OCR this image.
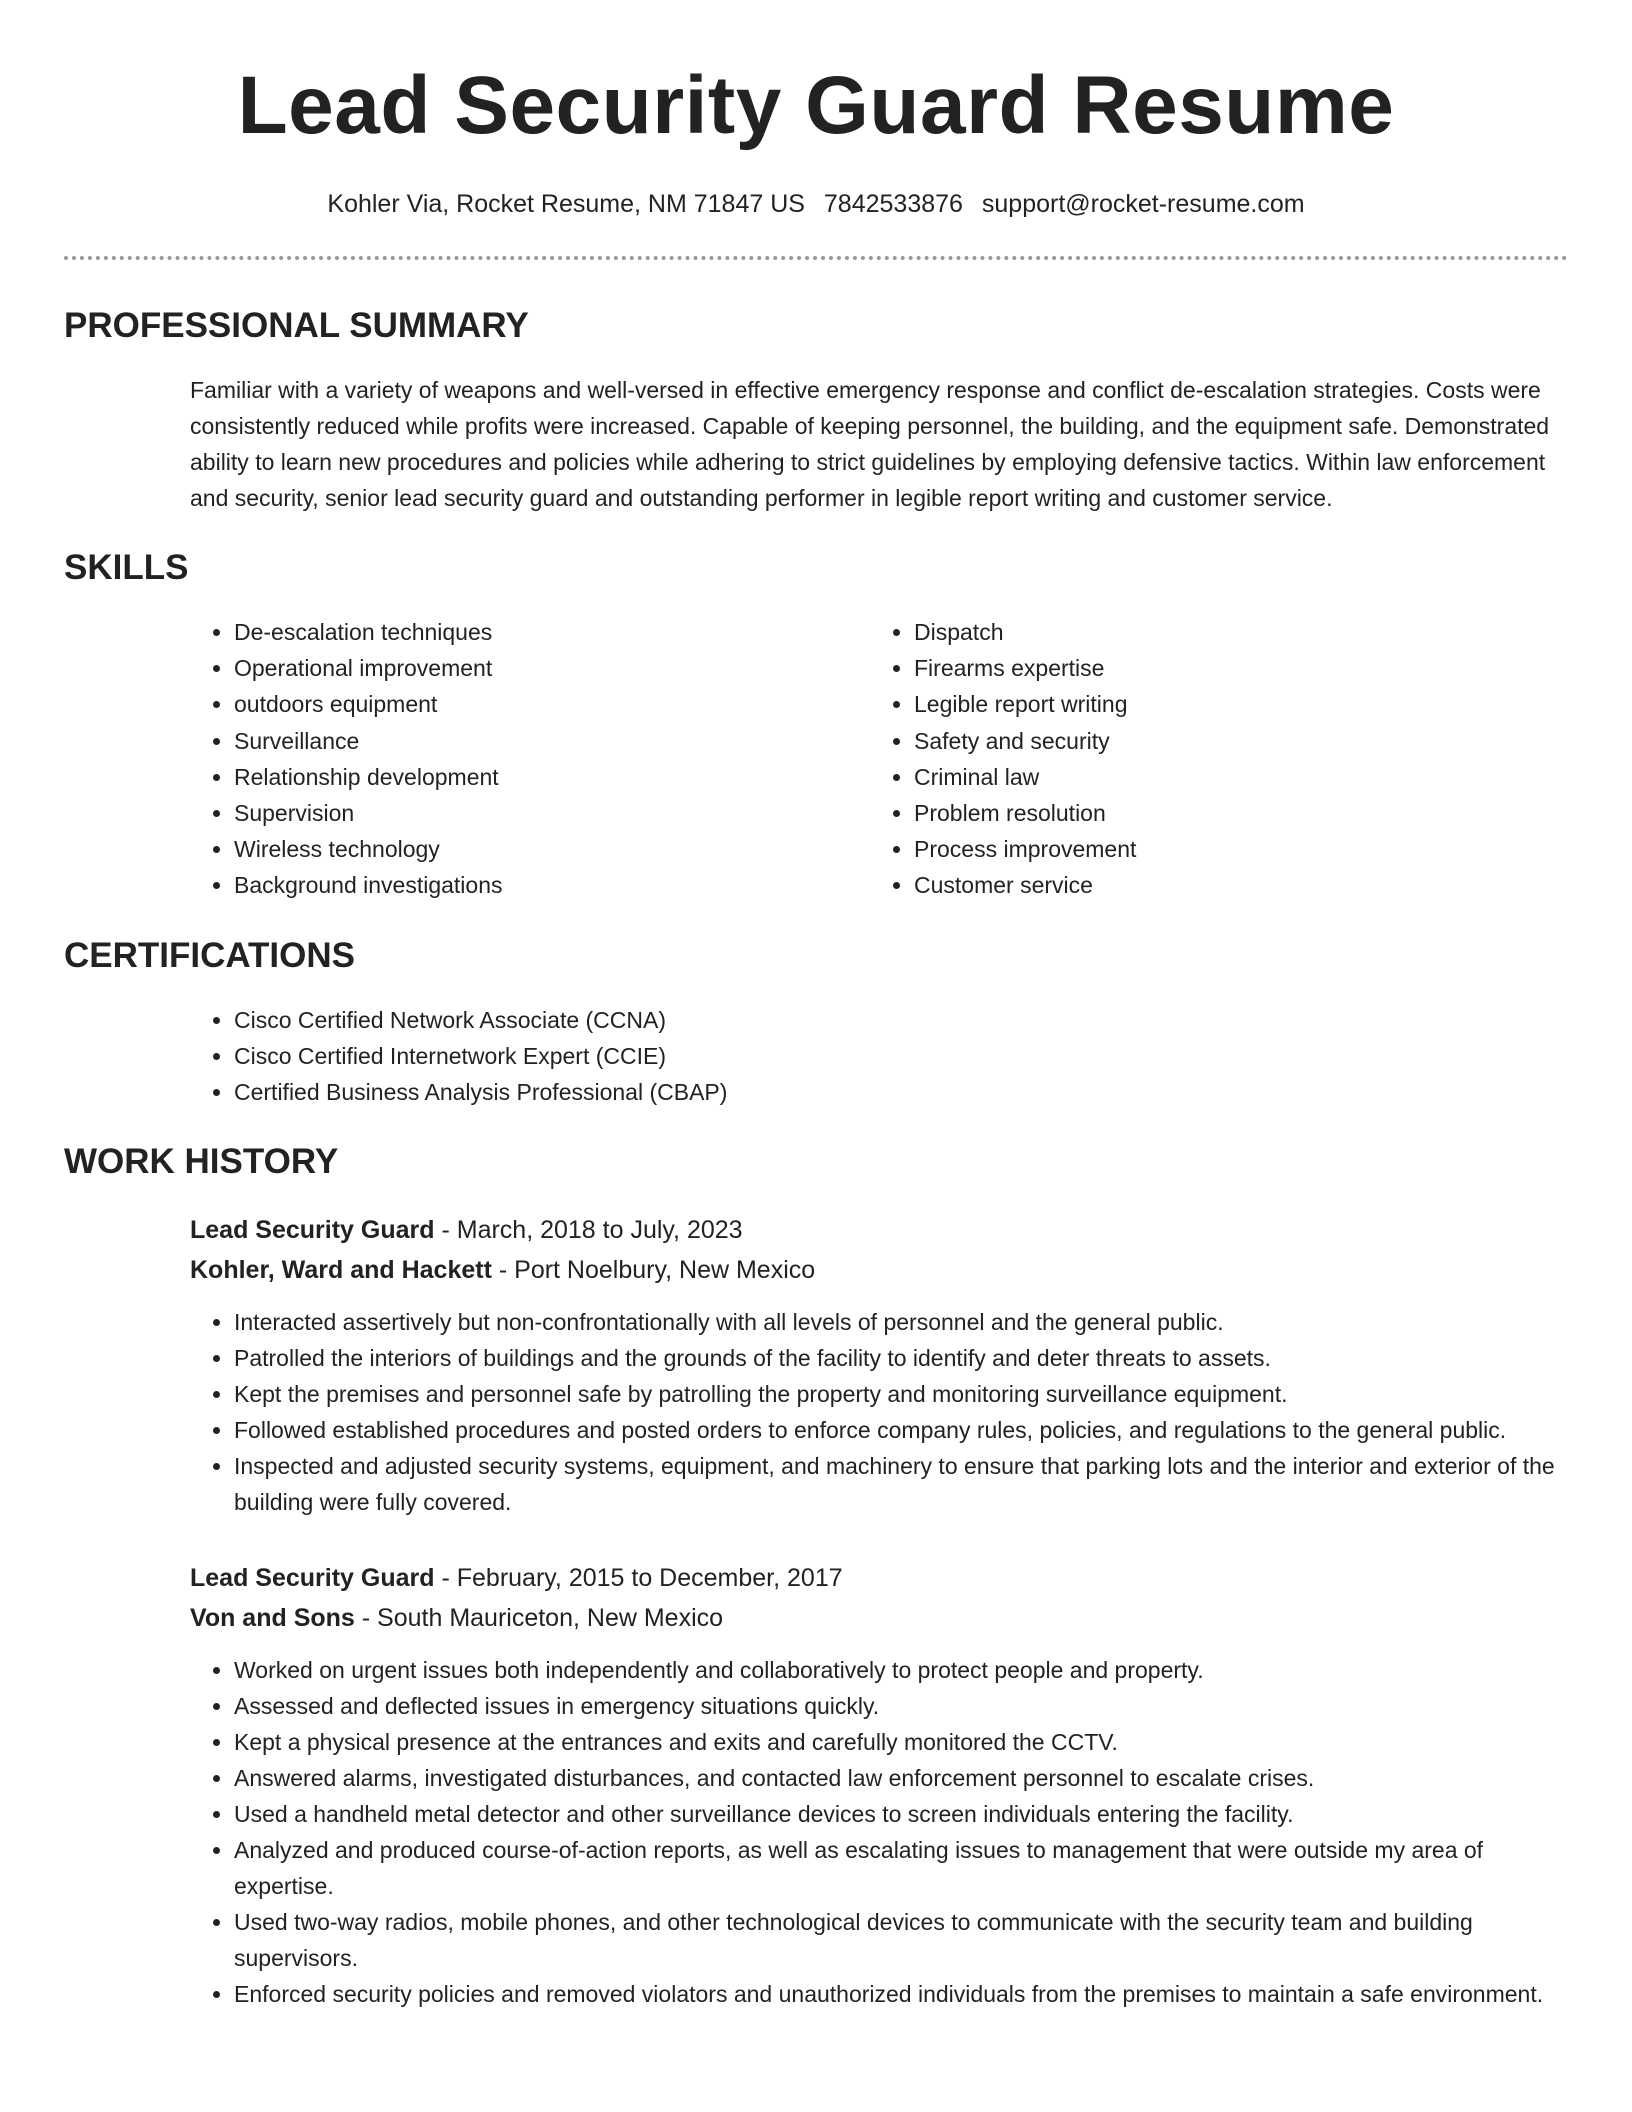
Lead Security Guard Resume
Kohler Via, Rocket Resume, NM 71847 US 7842533876 support@rocket-resume.com
PROFESSIONAL SUMMARY

Familiar with a variety of weapons and well-versed in effective emergency response and conflict de-escalation strategies. Costs were consistently reduced while profits were increased. Capable of keeping personnel, the building, and the equipment safe. Demonstrated ability to learn new procedures and policies while adhering to strict guidelines by employing defensive tactics. Within law enforcement and security, senior lead security guard and outstanding performer in legible report writing and customer service.

SKILLS
• De-escalation techniques
• Operational improvement
• outdoors equipment
• Surveillance
• Relationship development
• Supervision
• Wireless technology
• Background investigations
• Dispatch
• Firearms expertise
• Legible report writing
• Safety and security
• Criminal law
• Problem resolution
• Process improvement
• Customer service
CERTIFICATIONS
• Cisco Certified Network Associate (CCNA)
• Cisco Certified Internetwork Expert (CCIE)
• Certified Business Analysis Professional (CBAP)
WORK HISTORY
Lead Security Guard - March, 2018 to July, 2023
Kohler, Ward and Hackett - Port Noelbury, New Mexico
• Interacted assertively but non-confrontationally with all levels of personnel and the general public.
• Patrolled the interiors of buildings and the grounds of the facility to identify and deter threats to assets.
• Kept the premises and personnel safe by patrolling the property and monitoring surveillance equipment.
• Followed established procedures and posted orders to enforce company rules, policies, and regulations to the general public.
• Inspected and adjusted security systems, equipment, and machinery to ensure that parking lots and the interior and exterior of the building were fully covered.
Lead Security Guard - February, 2015 to December, 2017
Von and Sons - South Mauriceton, New Mexico
• Worked on urgent issues both independently and collaboratively to protect people and property.
• Assessed and deflected issues in emergency situations quickly.
• Kept a physical presence at the entrances and exits and carefully monitored the CCTV.
• Answered alarms, investigated disturbances, and contacted law enforcement personnel to escalate crises.
• Used a handheld metal detector and other surveillance devices to screen individuals entering the facility.
• Analyzed and produced course-of-action reports, as well as escalating issues to management that were outside my area of expertise.
• Used two-way radios, mobile phones, and other technological devices to communicate with the security team and building supervisors.
• Enforced security policies and removed violators and unauthorized individuals from the premises to maintain a safe environment.
